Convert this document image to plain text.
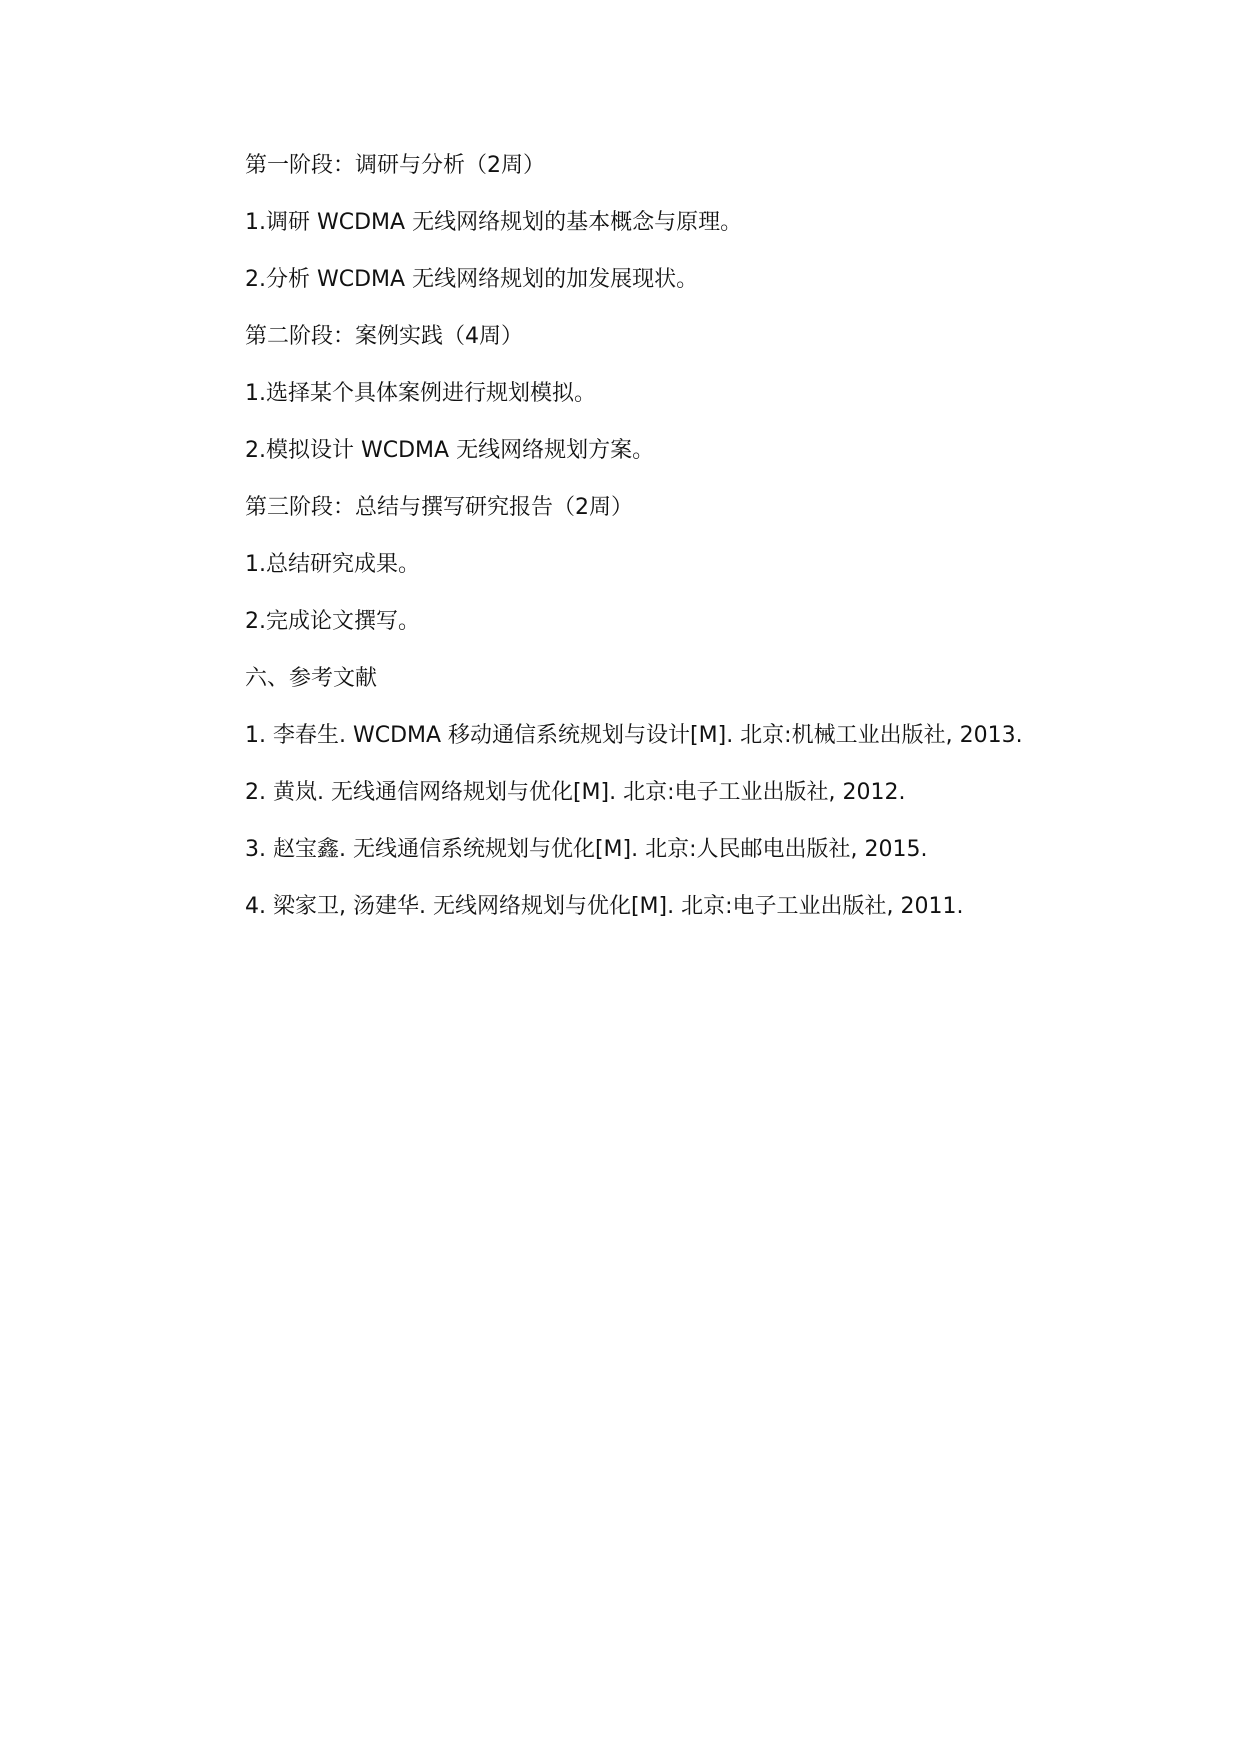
第一阶段：调研与分析（2周）

1.调研 WCDMA 无线网络规划的基本概念与原理。

2.分析 WCDMA 无线网络规划的加发展现状。

第二阶段：案例实践（4周）

1.选择某个具体案例进行规划模拟。

2.模拟设计 WCDMA 无线网络规划方案。

第三阶段：总结与撰写研究报告（2周）

1.总结研究成果。

2.完成论文撰写。

六、参考文献

1. 李春生. WCDMA 移动通信系统规划与设计[M]. 北京:机械工业出版社, 2013.

2. 黄岚. 无线通信网络规划与优化[M]. 北京:电子工业出版社, 2012.

3. 赵宝鑫. 无线通信系统规划与优化[M]. 北京:人民邮电出版社, 2015.

4. 梁家卫, 汤建华. 无线网络规划与优化[M]. 北京:电子工业出版社, 2011.
